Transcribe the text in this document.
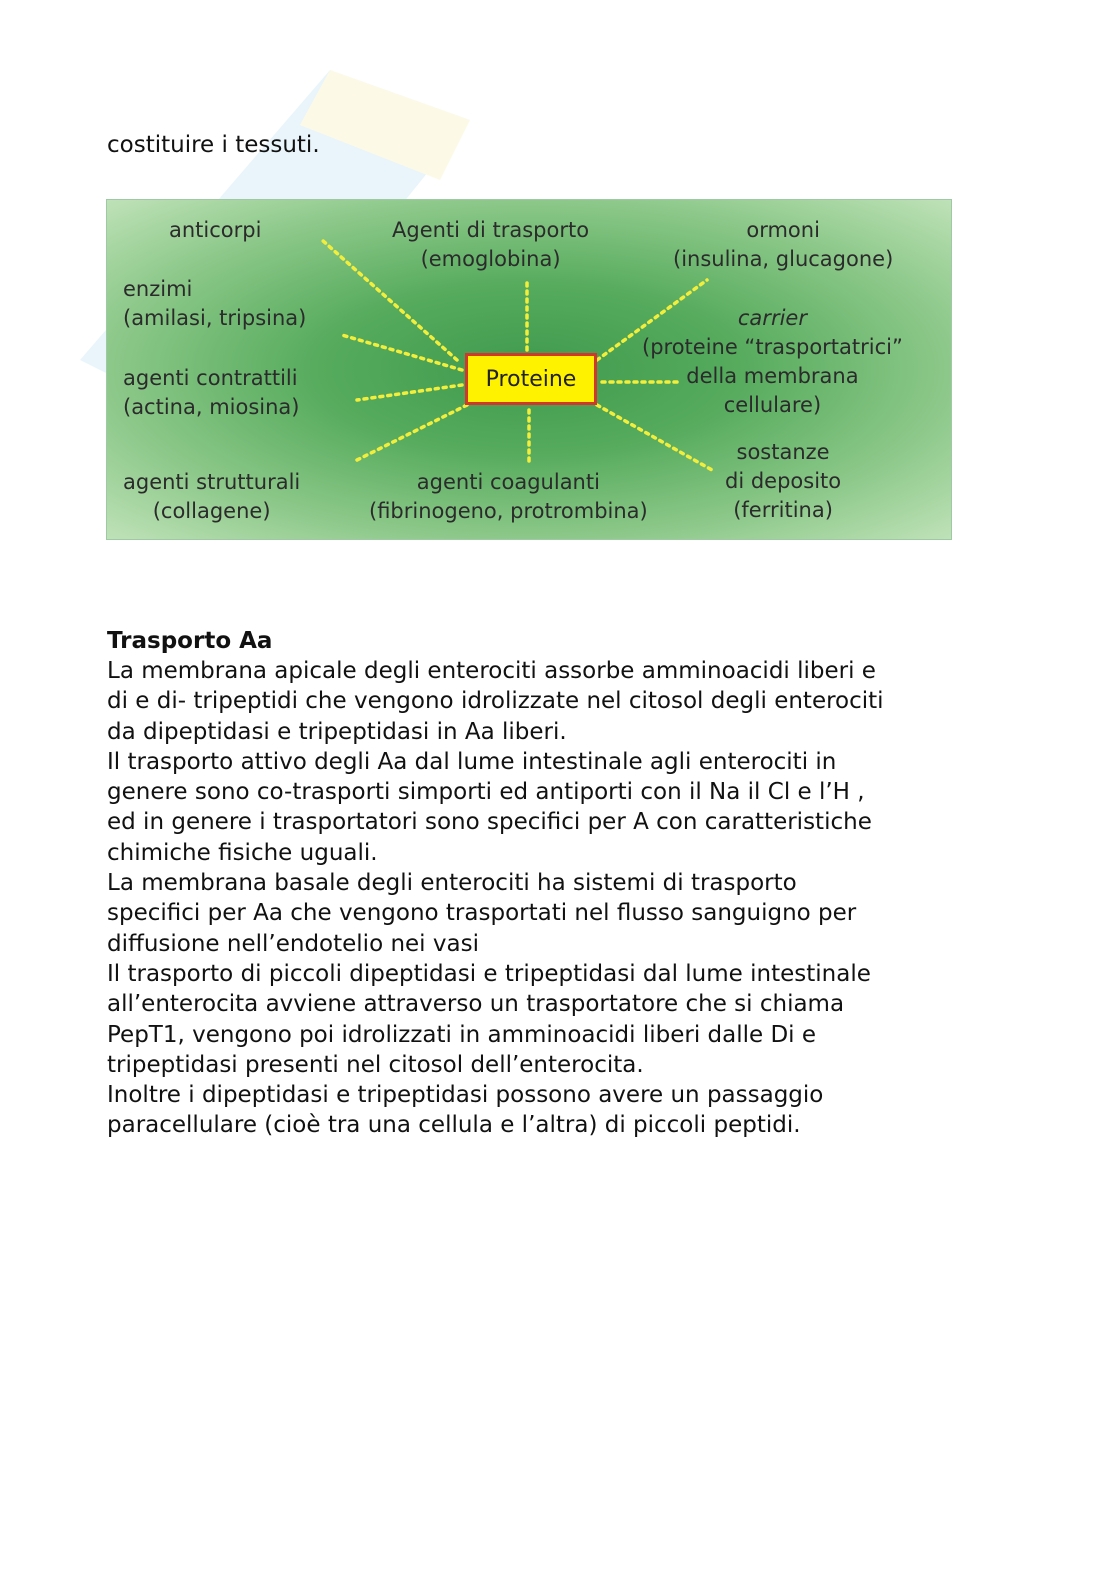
costituire i tessuti.

Proteine
anticorpi	Agenti di trasporto
(emoglobina)
ormoni
(insulina, glucagone)
enzimi
(amilasi, tripsina)	carrier
(proteine “trasportatrici”
della membrana
cellulare)
agenti contrattili
(actina, miosina)
agenti strutturali
(collagene)
agenti coagulanti
(fibrinogeno, protrombina)
sostanze
di deposito
(ferritina)
Trasporto Aa

La membrana apicale degli enterociti assorbe amminoacidi liberi e

di e di- tripeptidi che vengono idrolizzate nel citosol degli enterociti

da dipeptidasi e tripeptidasi in Aa liberi.

Il trasporto attivo degli Aa dal lume intestinale agli enterociti in

genere sono co-trasporti simporti ed antiporti con il Na il Cl e l’H ,

ed in genere i trasportatori sono specifici per A con caratteristiche

chimiche fisiche uguali.

La membrana basale degli enterociti ha sistemi di trasporto

specifici per Aa che vengono trasportati nel flusso sanguigno per

diffusione nell’endotelio nei vasi

Il trasporto di piccoli dipeptidasi e tripeptidasi dal lume intestinale

all’enterocita avviene attraverso un trasportatore che si chiama

PepT1, vengono poi idrolizzati in amminoacidi liberi dalle Di e

tripeptidasi presenti nel citosol dell’enterocita.

Inoltre i dipeptidasi e tripeptidasi possono avere un passaggio

paracellulare (cioè tra una cellula e l’altra) di piccoli peptidi.
